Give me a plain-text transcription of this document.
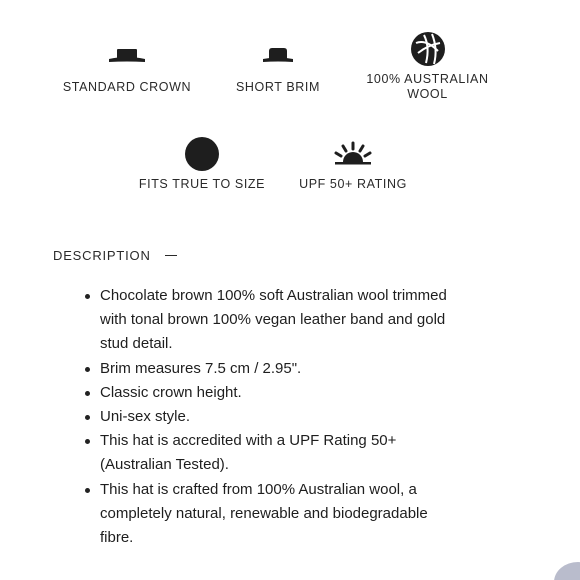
STANDARD CROWN	SHORT BRIM
100% AUSTRALIAN
WOOL
FITS TRUE TO SIZE	UPF 50+ RATING
DESCRIPTION
Chocolate brown 100% soft Australian wool trimmed
with tonal brown 100% vegan leather band and gold
stud detail.
Brim measures 7.5 cm / 2.95".
Classic crown height.
Uni-sex style.
This hat is accredited with a UPF Rating 50+
(Australian Tested).
This hat is crafted from 100% Australian wool, a
completely natural, renewable and biodegradable
fibre.
